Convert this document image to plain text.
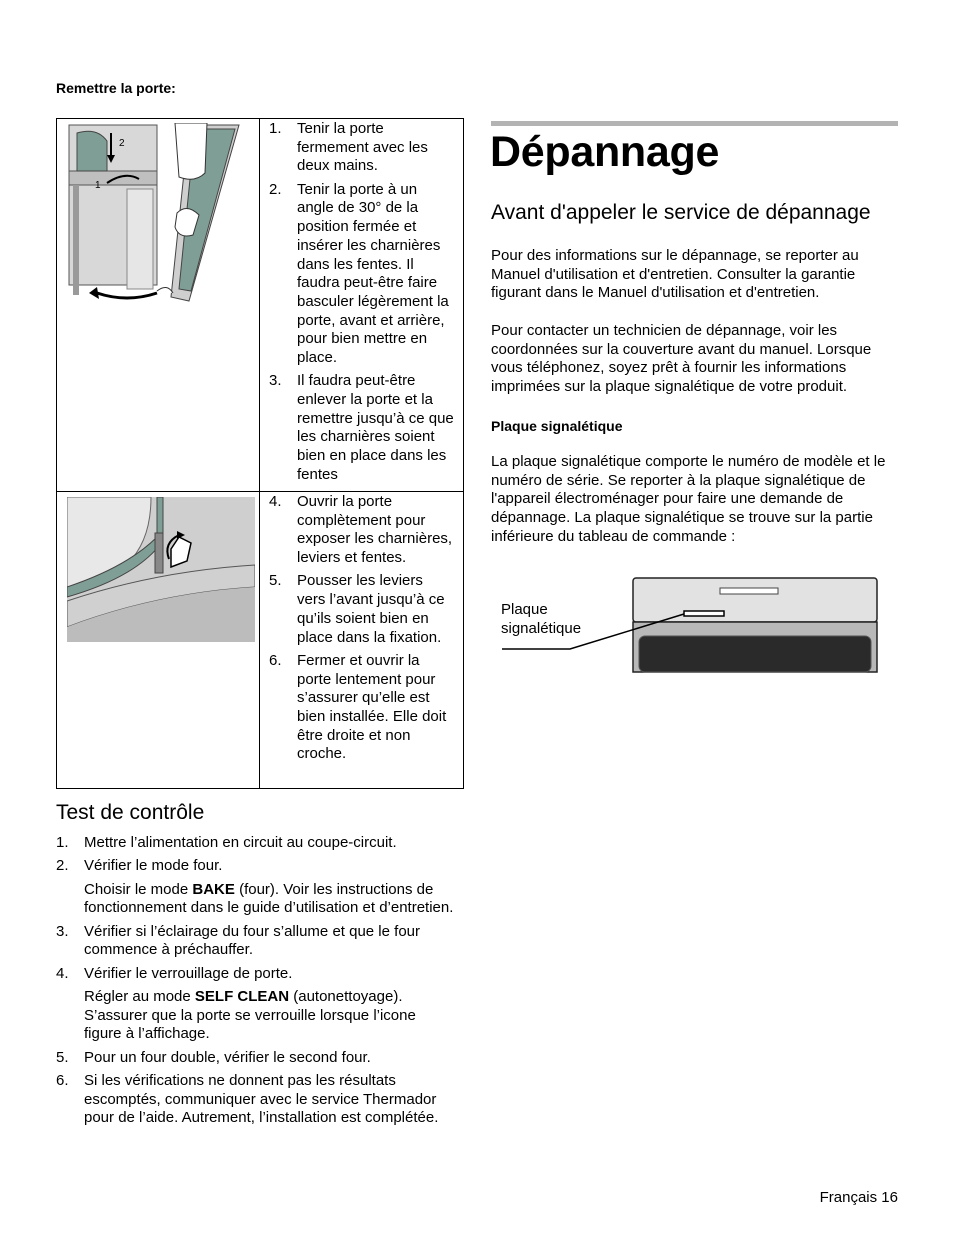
Remettre la porte:
2
1
1. Tenir la porte fermement avec les deux mains.
2. Tenir la porte à un angle de 30° de la position fermée et insérer les charnières dans les fentes. Il faudra peut-être faire basculer légèrement la porte, avant et arrière, pour bien mettre en place.
3. Il faudra peut-être enlever la porte et la remettre jusqu’à ce que les charnières soient bien en place dans les fentes
4. Ouvrir la porte complètement pour exposer les charnières, leviers et fentes.
5. Pousser les leviers vers l’avant jusqu’à ce qu’ils soient bien en place dans la fixation.
6. Fermer et ouvrir la porte lentement pour s’assurer qu’elle est bien installée. Elle doit être droite et non croche.
Test de contrôle
1. Mettre l’alimentation en circuit au coupe-circuit.
2. Vérifier le mode four.
Choisir le mode BAKE (four). Voir les instructions de fonctionnement dans le guide d’utilisation et d’entretien.
3. Vérifier si l’éclairage du four s’allume et que le four commence à préchauffer.
4. Vérifier le verrouillage de porte.
Régler au mode SELF CLEAN (autonettoyage). S’assurer que la porte se verrouille lorsque l’icone figure à l’affichage.
5. Pour un four double, vérifier le second four.
6. Si les vérifications ne donnent pas les résultats escomptés, communiquer avec le service Thermador pour de l’aide. Autrement, l’installation est complétée.
Dépannage
Avant d'appeler le service de dépannage
Pour des informations sur le dépannage, se reporter au Manuel d'utilisation et d'entretien. Consulter la garantie figurant dans le Manuel d'utilisation et d'entretien.
Pour contacter un technicien de dépannage, voir les coordonnées sur la couverture avant du manuel. Lorsque vous téléphonez, soyez prêt à fournir les informations imprimées sur la plaque signalétique de votre produit.
Plaque signalétique
La plaque signalétique comporte le numéro de modèle et le numéro de série. Se reporter à la plaque signalétique de l'appareil électroménager pour faire une demande de dépannage. La plaque signalétique se trouve sur la partie inférieure du tableau de commande :
Plaque
signalétique
Français 16
